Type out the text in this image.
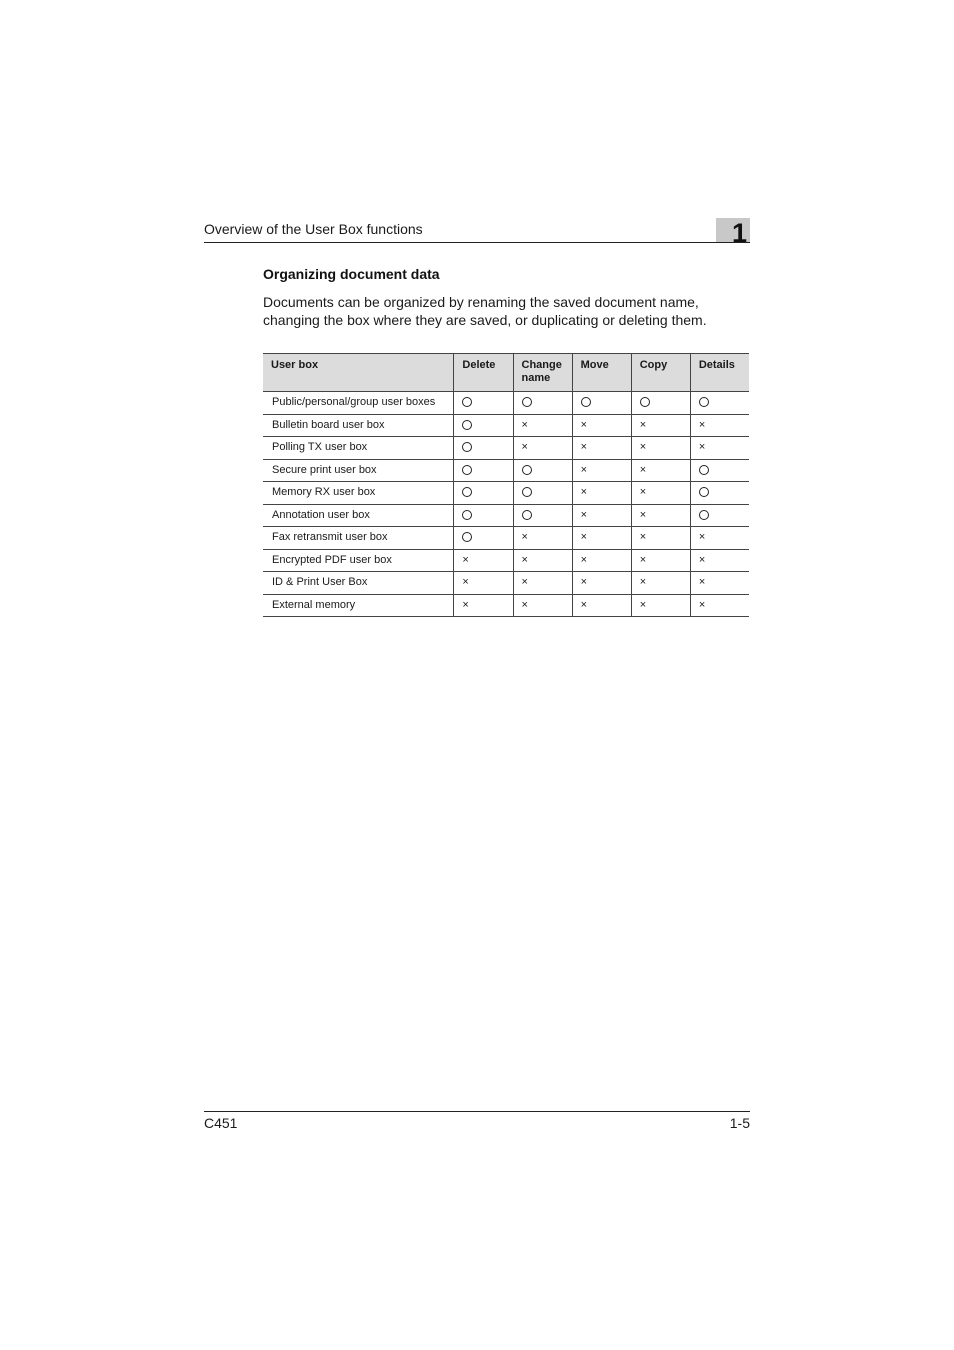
Overview of the User Box functions	1
Organizing document data
Documents can be organized by renaming the saved document name, changing the box where they are saved, or duplicating or deleting them.
User box	Delete	Change name	Move	Copy	Details
Public/personal/group user boxes					
Bulletin board user box		×	×	×	×
Polling TX user box		×	×	×	×
Secure print user box			×	×	
Memory RX user box			×	×	
Annotation user box			×	×	
Fax retransmit user box		×	×	×	×
Encrypted PDF user box	×	×	×	×	×
ID & Print User Box	×	×	×	×	×
External memory	×	×	×	×	×
C451	1-5
